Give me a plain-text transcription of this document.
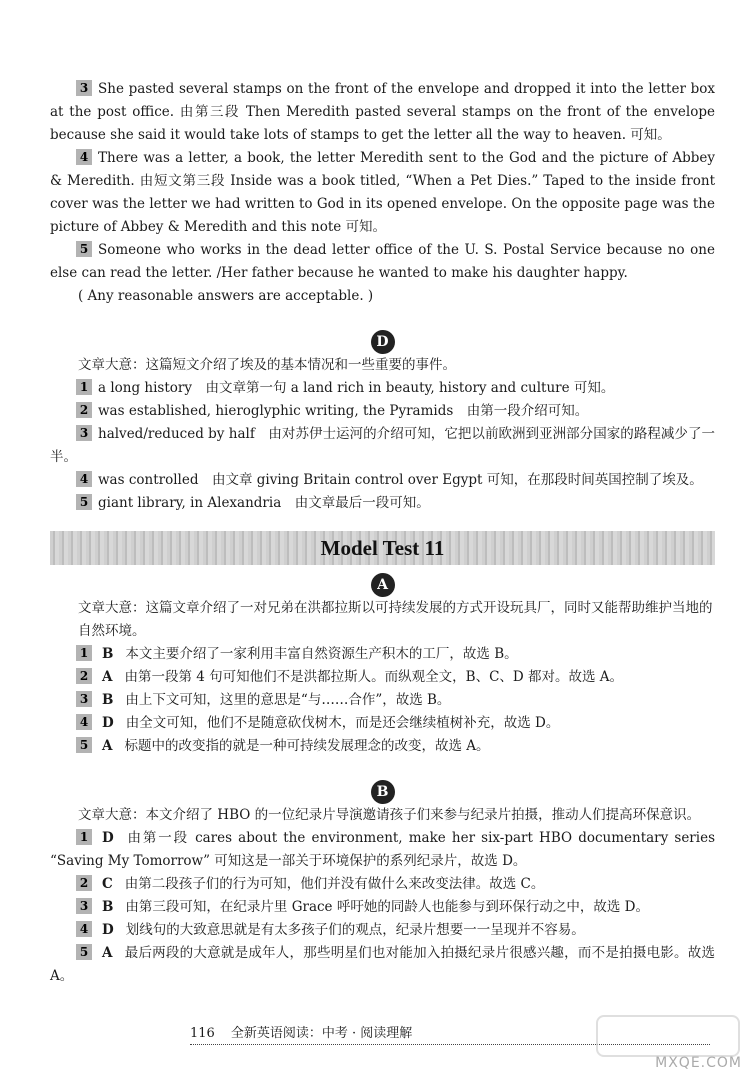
3 She pasted several stamps on the front of the envelope and dropped it into the letter box at the post office. 由第三段 Then Meredith pasted several stamps on the front of the envelope because she said it would take lots of stamps to get the letter all the way to heaven. 可知。

4 There was a letter, a book, the letter Meredith sent to the God and the picture of Abbey & Meredith. 由短文第三段 Inside was a book titled, “When a Pet Dies.” Taped to the inside front cover was the letter we had written to God in its opened envelope. On the opposite page was the picture of Abbey & Meredith and this note 可知。

5 Someone who works in the dead letter office of the U. S. Postal Service because no one else can read the letter. /Her father because he wanted to make his daughter happy.

( Any reasonable answers are acceptable. )

D

文章大意：这篇短文介绍了埃及的基本情况和一些重要的事件。

1 a long history　由文章第一句 a land rich in beauty, history and culture 可知。

2 was established, hieroglyphic writing, the Pyramids　由第一段介绍可知。

3 halved/reduced by half　由对苏伊士运河的介绍可知，它把以前欧洲到亚洲部分国家的路程减少了一半。

4 was controlled　由文章 giving Britain control over Egypt 可知，在那段时间英国控制了埃及。

5 giant library, in Alexandria　由文章最后一段可知。

Model Test 11

A

文章大意：这篇文章介绍了一对兄弟在洪都拉斯以可持续发展的方式开设玩具厂，同时又能帮助维护当地的自然环境。

1 B 本文主要介绍了一家利用丰富自然资源生产积木的工厂，故选 B。

2 A 由第一段第 4 句可知他们不是洪都拉斯人。而纵观全文，B、C、D 都对。故选 A。

3 B 由上下文可知，这里的意思是“与……合作”，故选 B。

4 D 由全文可知，他们不是随意砍伐树木，而是还会继续植树补充，故选 D。

5 A 标题中的改变指的就是一种可持续发展理念的改变，故选 A。

B

文章大意：本文介绍了 HBO 的一位纪录片导演邀请孩子们来参与纪录片拍摄，推动人们提高环保意识。

1 D 由第一段 cares about the environment, make her six-part HBO documentary series “Saving My Tomorrow” 可知这是一部关于环境保护的系列纪录片，故选 D。

2 C 由第二段孩子们的行为可知，他们并没有做什么来改变法律。故选 C。

3 B 由第三段可知，在纪录片里 Grace 呼吁她的同龄人也能参与到环保行动之中，故选 D。

4 D 划线句的大致意思就是有太多孩子们的观点，纪录片想要一一呈现并不容易。

5 A 最后两段的大意就是成年人，那些明星们也对能加入拍摄纪录片很感兴趣，而不是拍摄电影。故选 A。

116 全新英语阅读：中考 · 阅读理解
MXQE.COM
